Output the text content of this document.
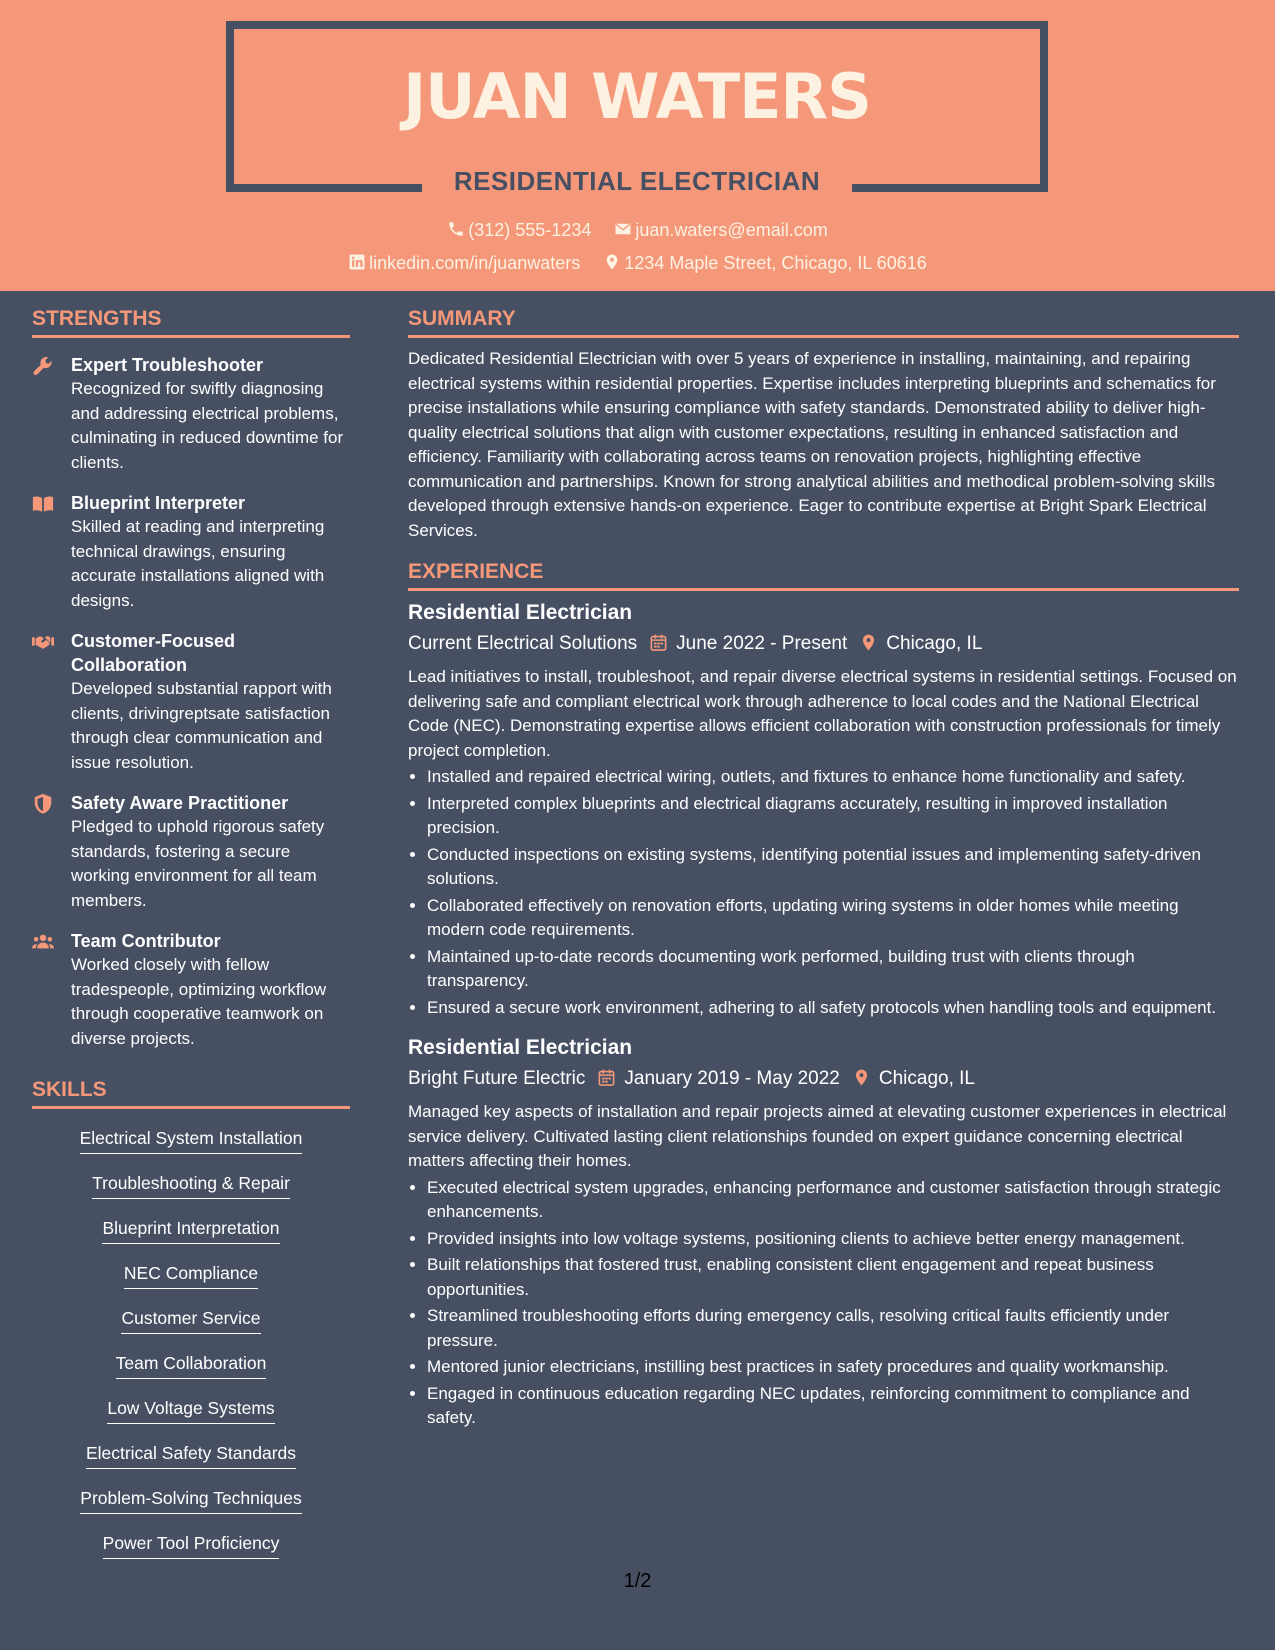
JUAN WATERS
RESIDENTIAL ELECTRICIAN
(312) 555-1234 juan.waters@email.com
linkedin.com/in/juanwaters 1234 Maple Street, Chicago, IL 60616
STRENGTHS
Expert Troubleshooter
Recognized for swiftly diagnosing and addressing electrical problems, culminating in reduced downtime for clients.
Blueprint Interpreter
Skilled at reading and interpreting technical drawings, ensuring accurate installations aligned with designs.
Customer-Focused Collaboration
Developed substantial rapport with clients, drivingreptsate satisfaction through clear communication and issue resolution.
Safety Aware Practitioner
Pledged to uphold rigorous safety standards, fostering a secure working environment for all team members.
Team Contributor
Worked closely with fellow tradespeople, optimizing workflow through cooperative teamwork on diverse projects.
SKILLS
Electrical System Installation
Troubleshooting & Repair
Blueprint Interpretation
NEC Compliance
Customer Service
Team Collaboration
Low Voltage Systems
Electrical Safety Standards
Problem-Solving Techniques
Power Tool Proficiency
SUMMARY
Dedicated Residential Electrician with over 5 years of experience in installing, maintaining, and repairing electrical systems within residential properties. Expertise includes interpreting blueprints and schematics for precise installations while ensuring compliance with safety standards. Demonstrated ability to deliver high-quality electrical solutions that align with customer expectations, resulting in enhanced satisfaction and efficiency. Familiarity with collaborating across teams on renovation projects, highlighting effective communication and partnerships. Known for strong analytical abilities and methodical problem-solving skills developed through extensive hands-on experience. Eager to contribute expertise at Bright Spark Electrical Services.
EXPERIENCE
Residential Electrician
Current Electrical Solutions June 2022 - Present Chicago, IL
Lead initiatives to install, troubleshoot, and repair diverse electrical systems in residential settings. Focused on delivering safe and compliant electrical work through adherence to local codes and the National Electrical Code (NEC). Demonstrating expertise allows efficient collaboration with construction professionals for timely project completion.
• Installed and repaired electrical wiring, outlets, and fixtures to enhance home functionality and safety.
• Interpreted complex blueprints and electrical diagrams accurately, resulting in improved installation precision.
• Conducted inspections on existing systems, identifying potential issues and implementing safety-driven solutions.
• Collaborated effectively on renovation efforts, updating wiring systems in older homes while meeting modern code requirements.
• Maintained up-to-date records documenting work performed, building trust with clients through transparency.
• Ensured a secure work environment, adhering to all safety protocols when handling tools and equipment.
Residential Electrician
Bright Future Electric January 2019 - May 2022 Chicago, IL
Managed key aspects of installation and repair projects aimed at elevating customer experiences in electrical service delivery. Cultivated lasting client relationships founded on expert guidance concerning electrical matters affecting their homes.
• Executed electrical system upgrades, enhancing performance and customer satisfaction through strategic enhancements.
• Provided insights into low voltage systems, positioning clients to achieve better energy management.
• Built relationships that fostered trust, enabling consistent client engagement and repeat business opportunities.
• Streamlined troubleshooting efforts during emergency calls, resolving critical faults efficiently under pressure.
• Mentored junior electricians, instilling best practices in safety procedures and quality workmanship.
• Engaged in continuous education regarding NEC updates, reinforcing commitment to compliance and safety.
1/2
